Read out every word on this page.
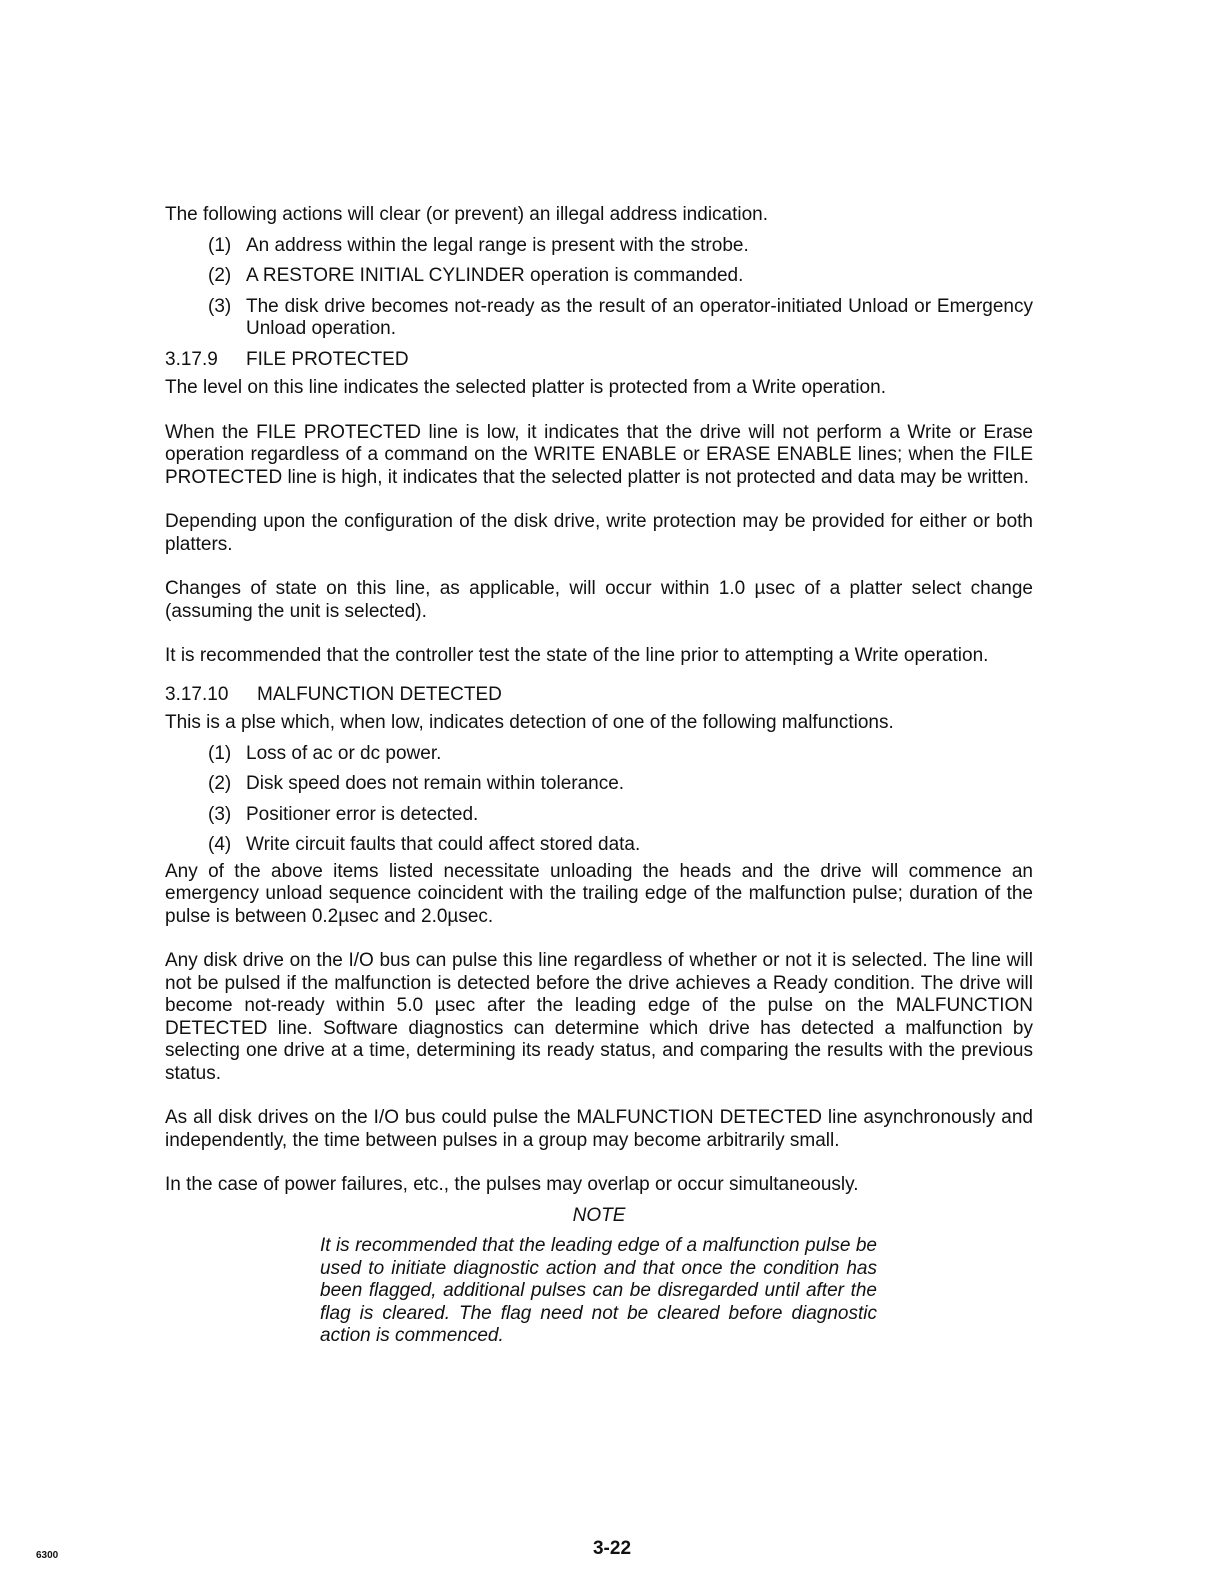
The following actions will clear (or prevent) an illegal address indication.

(1) An address within the legal range is present with the strobe.
(2) A RESTORE INITIAL CYLINDER operation is commanded.
(3) The disk drive becomes not-ready as the result of an operator-initiated Unload or Emergency Unload operation.

3.17.9 FILE PROTECTED

The level on this line indicates the selected platter is protected from a Write operation.

When the FILE PROTECTED line is low, it indicates that the drive will not perform a Write or Erase operation regardless of a command on the WRITE ENABLE or ERASE ENABLE lines; when the FILE PROTECTED line is high, it indicates that the selected platter is not protected and data may be written.

Depending upon the configuration of the disk drive, write protection may be provided for either or both platters.

Changes of state on this line, as applicable, will occur within 1.0 µsec of a platter select change (assuming the unit is selected).

It is recommended that the controller test the state of the line prior to attempting a Write operation.

3.17.10 MALFUNCTION DETECTED

This is a plse which, when low, indicates detection of one of the following malfunctions.

(1) Loss of ac or dc power.
(2) Disk speed does not remain within tolerance.
(3) Positioner error is detected.
(4) Write circuit faults that could affect stored data.

Any of the above items listed necessitate unloading the heads and the drive will commence an emergency unload sequence coincident with the trailing edge of the malfunction pulse; duration of the pulse is between 0.2µsec and 2.0µsec.

Any disk drive on the I/O bus can pulse this line regardless of whether or not it is selected. The line will not be pulsed if the malfunction is detected before the drive achieves a Ready condition. The drive will become not-ready within 5.0 µsec after the leading edge of the pulse on the MALFUNCTION DETECTED line. Software diagnostics can determine which drive has detected a malfunction by selecting one drive at a time, determining its ready status, and comparing the results with the previous status.

As all disk drives on the I/O bus could pulse the MALFUNCTION DETECTED line asynchronously and independently, the time between pulses in a group may become arbitrarily small.

In the case of power failures, etc., the pulses may overlap or occur simultaneously.

NOTE

It is recommended that the leading edge of a malfunction pulse be used to initiate diagnostic action and that once the condition has been flagged, additional pulses can be disregarded until after the flag is cleared. The flag need not be cleared before diagnostic action is commenced.

3-22
6300
